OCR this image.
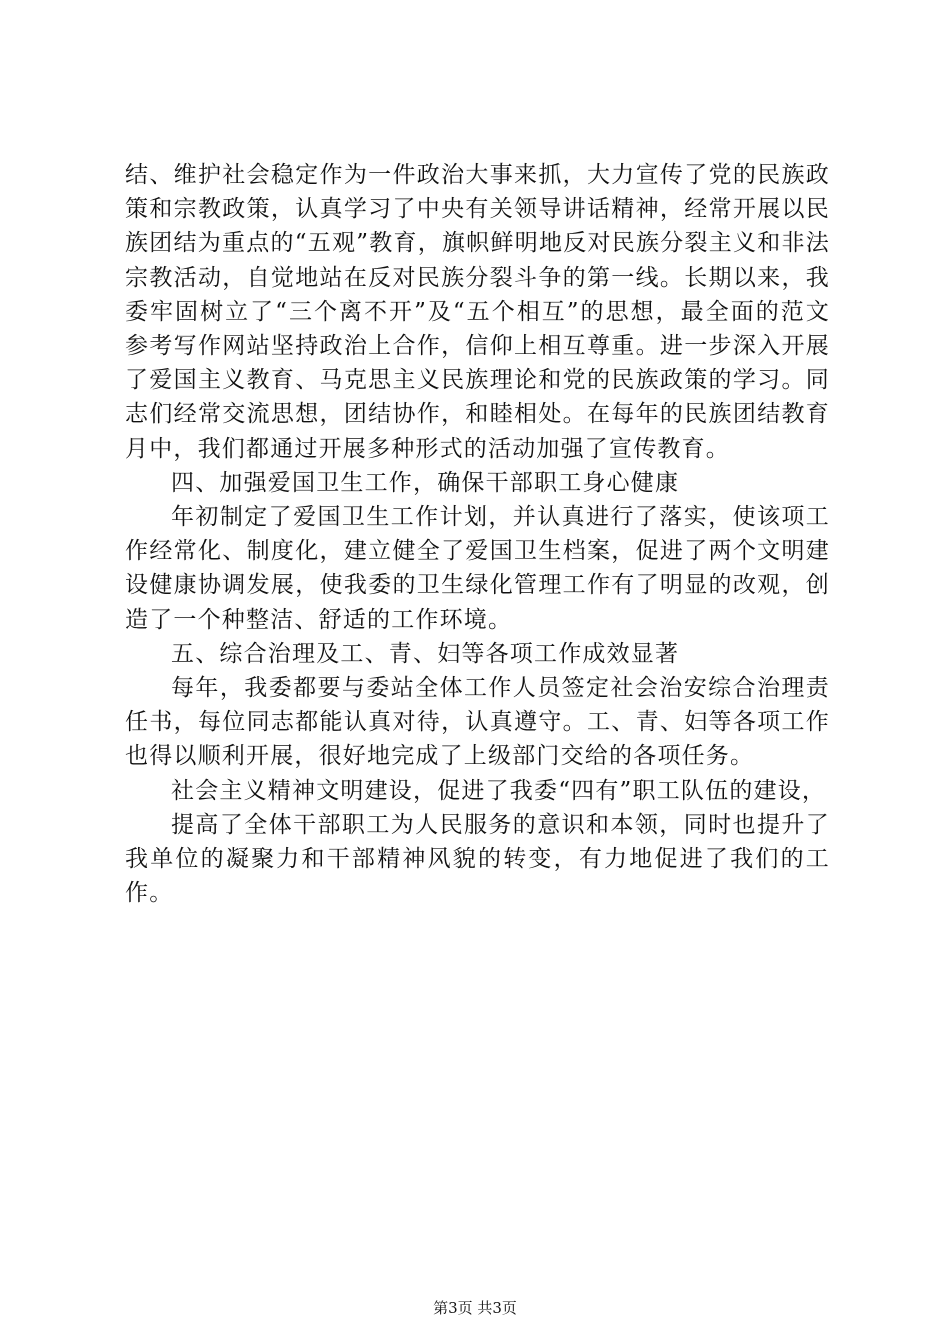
结、维护社会稳定作为一件政治大事来抓，大力宣传了党的民族政策和宗教政策，认真学习了中央有关领导讲话精神，经常开展以民族团结为重点的“五观”教育，旗帜鲜明地反对民族分裂主义和非法宗教活动，自觉地站在反对民族分裂斗争的第一线。长期以来，我委牢固树立了“三个离不开”及“五个相互”的思想，最全面的范文参考写作网站坚持政治上合作，信仰上相互尊重。进一步深入开展了爱国主义教育、马克思主义民族理论和党的民族政策的学习。同志们经常交流思想，团结协作，和睦相处。在每年的民族团结教育月中，我们都通过开展多种形式的活动加强了宣传教育。

四、加强爱国卫生工作，确保干部职工身心健康

年初制定了爱国卫生工作计划，并认真进行了落实，使该项工作经常化、制度化，建立健全了爱国卫生档案，促进了两个文明建设健康协调发展，使我委的卫生绿化管理工作有了明显的改观，创造了一个种整洁、舒适的工作环境。

五、综合治理及工、青、妇等各项工作成效显著

每年，我委都要与委站全体工作人员签定社会治安综合治理责任书，每位同志都能认真对待，认真遵守。工、青、妇等各项工作也得以顺利开展，很好地完成了上级部门交给的各项任务。

社会主义精神文明建设，促进了我委“四有”职工队伍的建设，

提高了全体干部职工为人民服务的意识和本领，同时也提升了我单位的凝聚力和干部精神风貌的转变，有力地促进了我们的工作。

第3页 共3页
